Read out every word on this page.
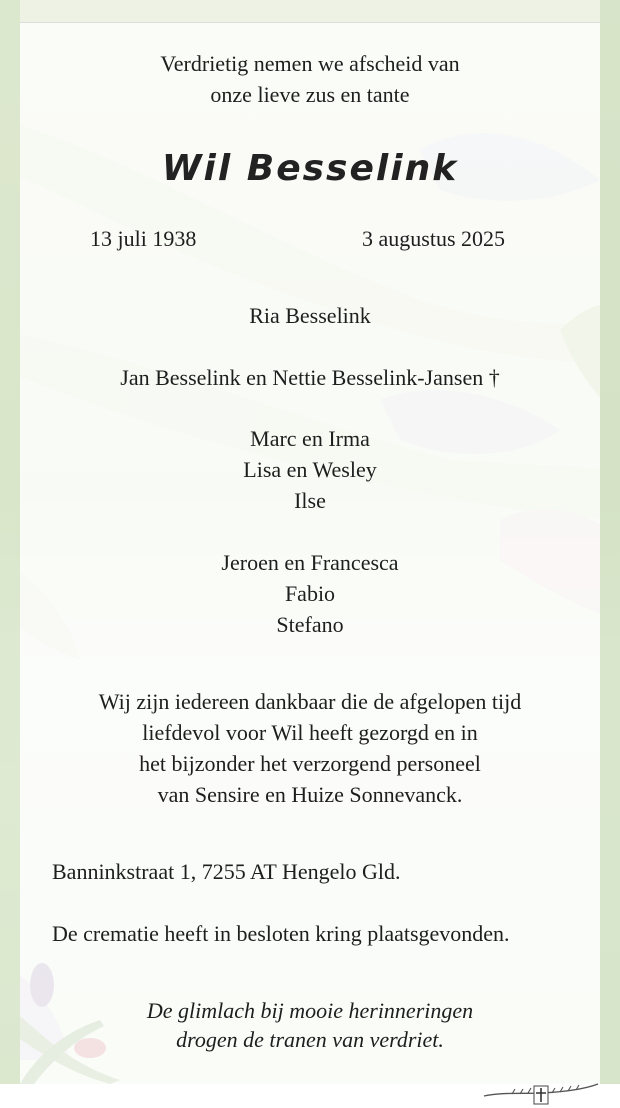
Verdrietig nemen we afscheid van

onze lieve zus en tante

Wil Besselink
13 juli 1938	3 augustus 2025

Ria Besselink

Jan Besselink en Nettie Besselink-Jansen †

Marc en Irma

Lisa en Wesley

Ilse

Jeroen en Francesca

Fabio

Stefano

Wij zijn iedereen dankbaar die de afgelopen tijd

liefdevol voor Wil heeft gezorgd en in

het bijzonder het verzorgend personeel

van Sensire en Huize Sonnevanck.

Banninkstraat 1, 7255 AT Hengelo Gld.

De crematie heeft in besloten kring plaatsgevonden.

De glimlach bij mooie herinneringen

drogen de tranen van verdriet.
